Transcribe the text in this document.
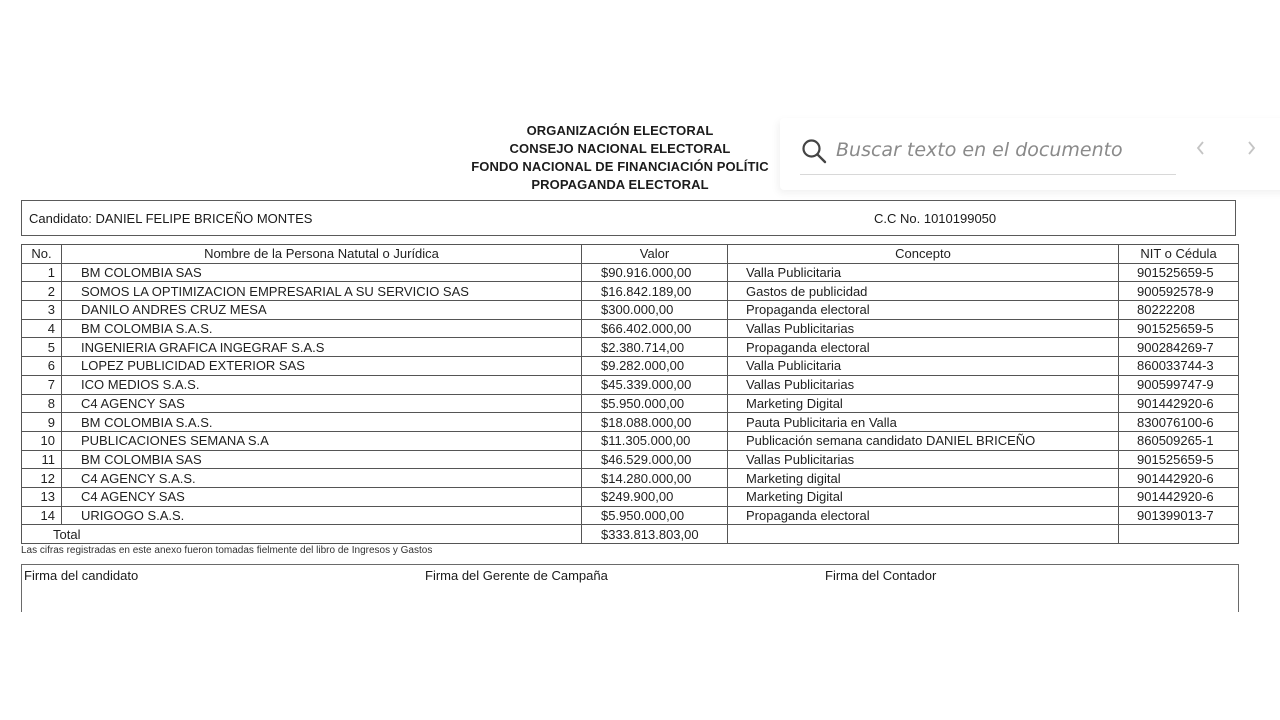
ORGANIZACIÓN ELECTORAL
CONSEJO NACIONAL ELECTORAL
FONDO NACIONAL DE FINANCIACIÓN POLÍTIC
PROPAGANDA ELECTORAL
Candidato: DANIEL FELIPE BRICEÑO MONTES	C.C No. 1010199050
No.	Nombre de la Persona Natutal o Jurídica	Valor	Concepto	NIT o Cédula
1	BM COLOMBIA SAS	$90.916.000,00	Valla Publicitaria	901525659-5
2	SOMOS LA OPTIMIZACION EMPRESARIAL A SU SERVICIO SAS	$16.842.189,00	Gastos de publicidad	900592578-9
3	DANILO ANDRES CRUZ MESA	$300.000,00	Propaganda electoral	80222208
4	BM COLOMBIA S.A.S.	$66.402.000,00	Vallas Publicitarias	901525659-5
5	INGENIERIA GRAFICA INGEGRAF S.A.S	$2.380.714,00	Propaganda electoral	900284269-7
6	LOPEZ PUBLICIDAD EXTERIOR SAS	$9.282.000,00	Valla Publicitaria	860033744-3
7	ICO MEDIOS S.A.S.	$45.339.000,00	Vallas Publicitarias	900599747-9
8	C4 AGENCY SAS	$5.950.000,00	Marketing Digital	901442920-6
9	BM COLOMBIA S.A.S.	$18.088.000,00	Pauta Publicitaria en Valla	830076100-6
10	PUBLICACIONES SEMANA S.A	$11.305.000,00	Publicación semana candidato DANIEL BRICEÑO	860509265-1
11	BM COLOMBIA SAS	$46.529.000,00	Vallas Publicitarias	901525659-5
12	C4 AGENCY S.A.S.	$14.280.000,00	Marketing digital	901442920-6
13	C4 AGENCY SAS	$249.900,00	Marketing Digital	901442920-6
14	URIGOGO S.A.S.	$5.950.000,00	Propaganda electoral	901399013-7
Total		$333.813.803,00		
Las cifras registradas en este anexo fueron tomadas fielmente del libro de Ingresos y Gastos
Firma del candidato	Firma del Gerente de Campaña	Firma del Contador
Buscar texto en el documento
